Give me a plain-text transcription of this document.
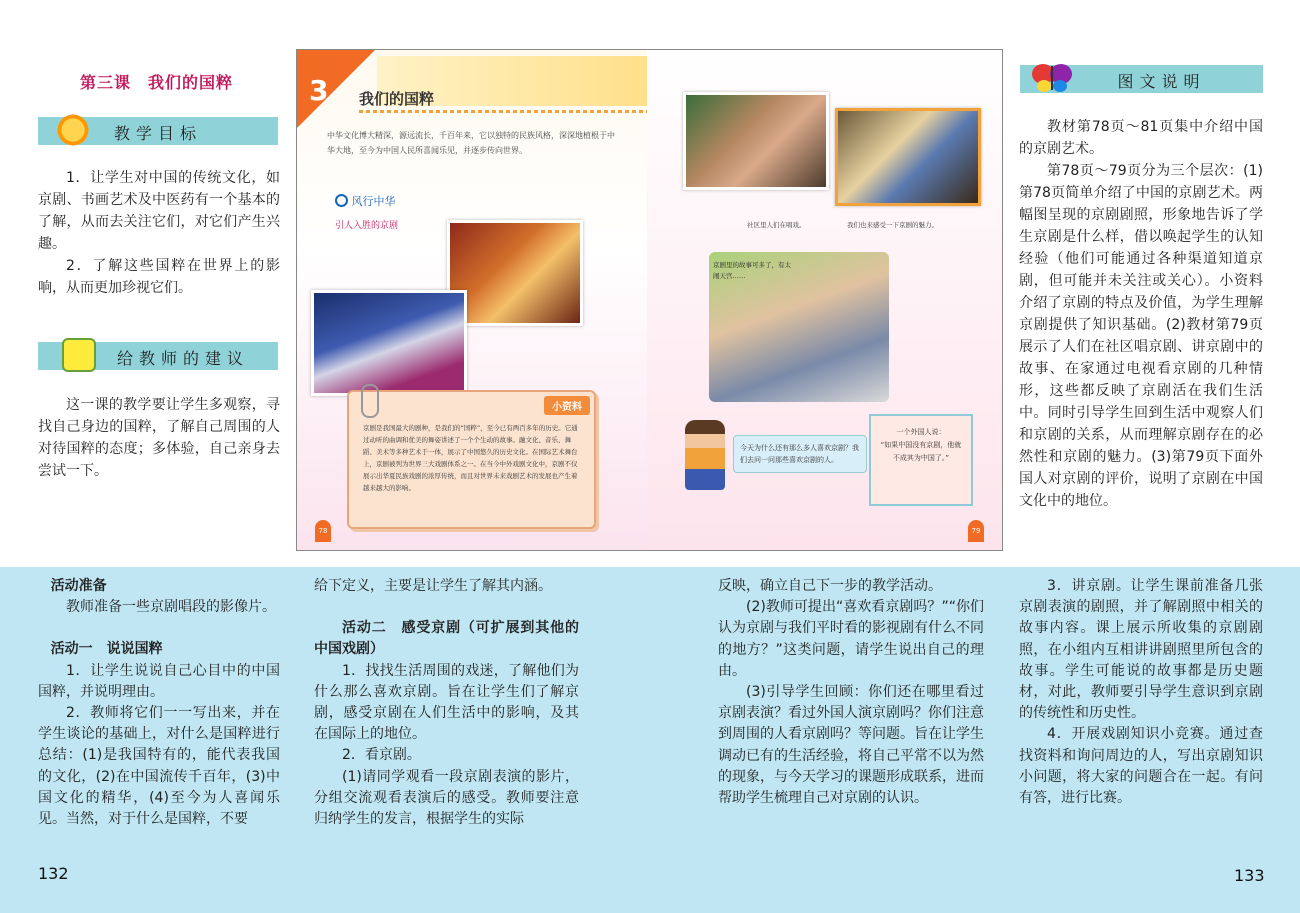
第三课　我们的国粹
教学目标

1．让学生对中国的传统文化，如京剧、书画艺术及中医药有一个基本的了解，从而去关注它们，对它们产生兴趣。

2．了解这些国粹在世界上的影响，从而更加珍视它们。

给教师的建议

这一课的教学要让学生多观察，寻找自己身边的国粹，了解自己周围的人对待国粹的态度；多体验，自己亲身去尝试一下。

3 我们的国粹
中华文化博大精深，源远流长，千百年来，它以独特的民族风格，深深地植根于中华大地，至今为中国人民所喜闻乐见，并逐步传向世界。
风行中华
引人入胜的京剧
小资料
京剧是我国最大的剧种，是我们的“国粹”，至今已有两百多年的历史。它通过动听的曲调和优美的舞姿讲述了一个个生动的故事。融文化、音乐、舞蹈、美术等多种艺术于一体，展示了中国悠久的历史文化。在国际艺术舞台上，京剧被列为世界三大戏剧体系之一。在当今中外戏剧文化中，京剧不仅展示出华夏民族戏剧的浓厚传统，而且对世界未来戏剧艺术的发展也产生着越来越大的影响。
78
社区里人们在唱戏。	我们也来感受一下京剧的魅力。
京剧里的故事可多了，有太闹天宫……
今天为什么还有那么多人喜欢京剧？我们去问一问那些喜欢京剧的人。
一个外国人说：
“如果中国没有京剧，他就不成其为中国了。”
79
图文说明

教材第78页～81页集中介绍中国的京剧艺术。

第78页～79页分为三个层次：(1)第78页简单介绍了中国的京剧艺术。两幅图呈现的京剧剧照，形象地告诉了学生京剧是什么样，借以唤起学生的认知经验（他们可能通过各种渠道知道京剧，但可能并未关注或关心）。小资料介绍了京剧的特点及价值，为学生理解京剧提供了知识基础。(2)教材第79页展示了人们在社区唱京剧、讲京剧中的故事、在家通过电视看京剧的几种情形，这些都反映了京剧活在我们生活中。同时引导学生回到生活中观察人们和京剧的关系，从而理解京剧存在的必然性和京剧的魅力。(3)第79页下面外国人对京剧的评价，说明了京剧在中国文化中的地位。

活动准备

教师准备一些京剧唱段的影像片。

活动一　说说国粹

1．让学生说说自己心目中的中国国粹，并说明理由。

2．教师将它们一一写出来，并在学生谈论的基础上，对什么是国粹进行总结：(1)是我国特有的，能代表我国的文化，(2)在中国流传千百年，(3)中国文化的精华，(4)至今为人喜闻乐见。当然，对于什么是国粹，不要

给下定义，主要是让学生了解其内涵。

活动二　感受京剧（可扩展到其他的中国戏剧）

1．找找生活周围的戏迷，了解他们为什么那么喜欢京剧。旨在让学生们了解京剧，感受京剧在人们生活中的影响，及其在国际上的地位。

2．看京剧。

(1)请同学观看一段京剧表演的影片，分组交流观看表演后的感受。教师要注意归纳学生的发言，根据学生的实际

反映，确立自己下一步的教学活动。

(2)教师可提出“喜欢看京剧吗？”“你们认为京剧与我们平时看的影视剧有什么不同的地方？”这类问题，请学生说出自己的理由。

(3)引导学生回顾：你们还在哪里看过京剧表演？看过外国人演京剧吗？你们注意到周围的人看京剧吗？等问题。旨在让学生调动已有的生活经验，将自己平常不以为然的现象，与今天学习的课题形成联系，进而帮助学生梳理自己对京剧的认识。

3．讲京剧。让学生课前准备几张京剧表演的剧照，并了解剧照中相关的故事内容。课上展示所收集的京剧剧照，在小组内互相讲讲剧照里所包含的故事。学生可能说的故事都是历史题材，对此，教师要引导学生意识到京剧的传统性和历史性。

4．开展戏剧知识小竞赛。通过查找资料和询问周边的人，写出京剧知识小问题，将大家的问题合在一起。有问有答，进行比赛。

132	133
